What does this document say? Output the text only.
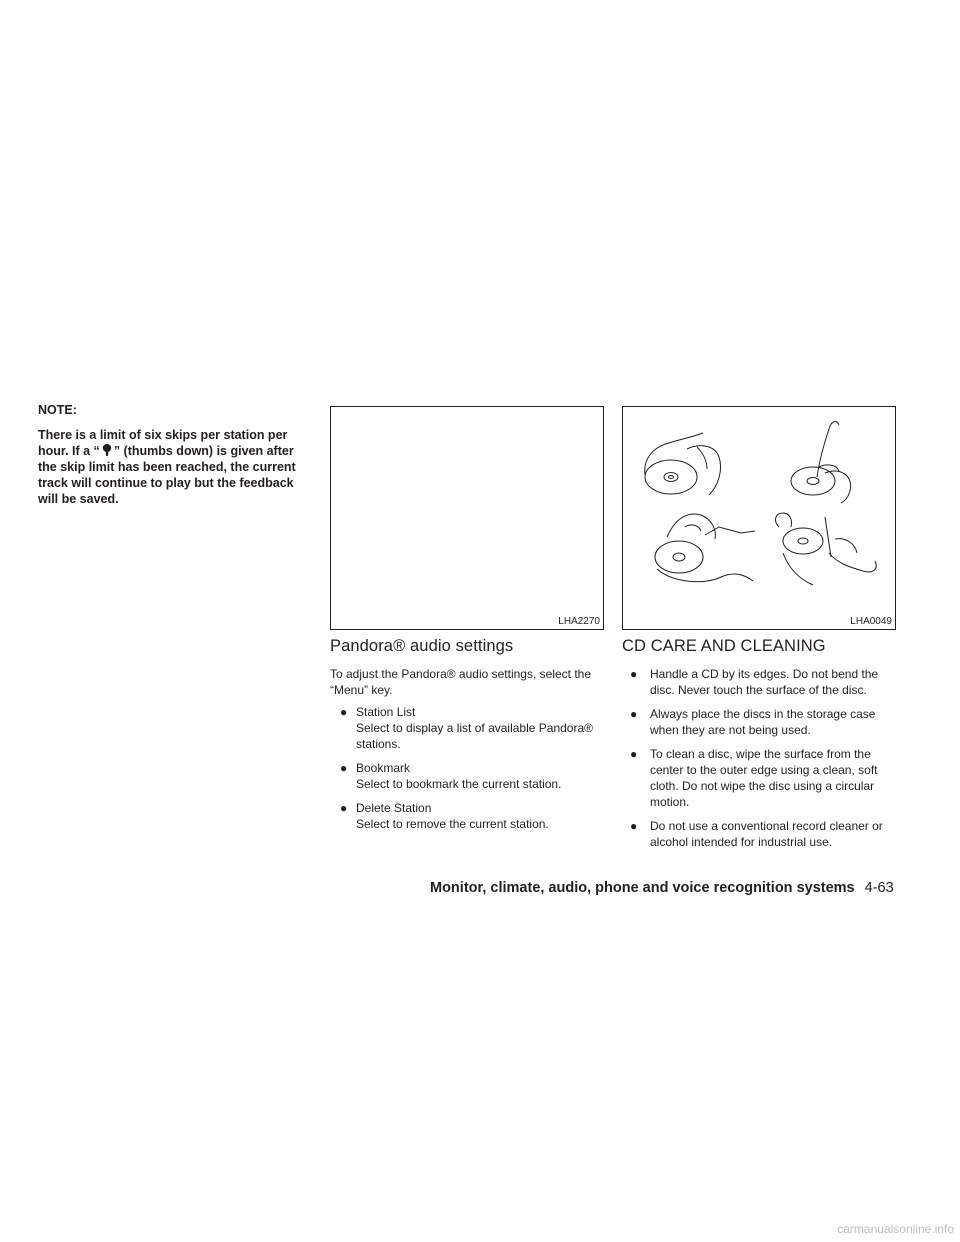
NOTE:

There is a limit of six skips per station per hour. If a “ ” (thumbs down) is given after the skip limit has been reached, the current track will continue to play but the feedback will be saved.

LHA2270	LHA0049
Pandora® audio settings

To adjust the Pandora® audio settings, select the “Menu” key.

● Station List
Select to display a list of available Pandora® stations.
● Bookmark
Select to bookmark the current station.
● Delete Station
Select to remove the current station.
CD CARE AND CLEANING
● Handle a CD by its edges. Do not bend the disc. Never touch the surface of the disc.
● Always place the discs in the storage case when they are not being used.
● To clean a disc, wipe the surface from the center to the outer edge using a clean, soft cloth. Do not wipe the disc using a circular motion.
● Do not use a conventional record cleaner or alcohol intended for industrial use.
Monitor, climate, audio, phone and voice recognition systems 4-63
carmanualsonline.info
